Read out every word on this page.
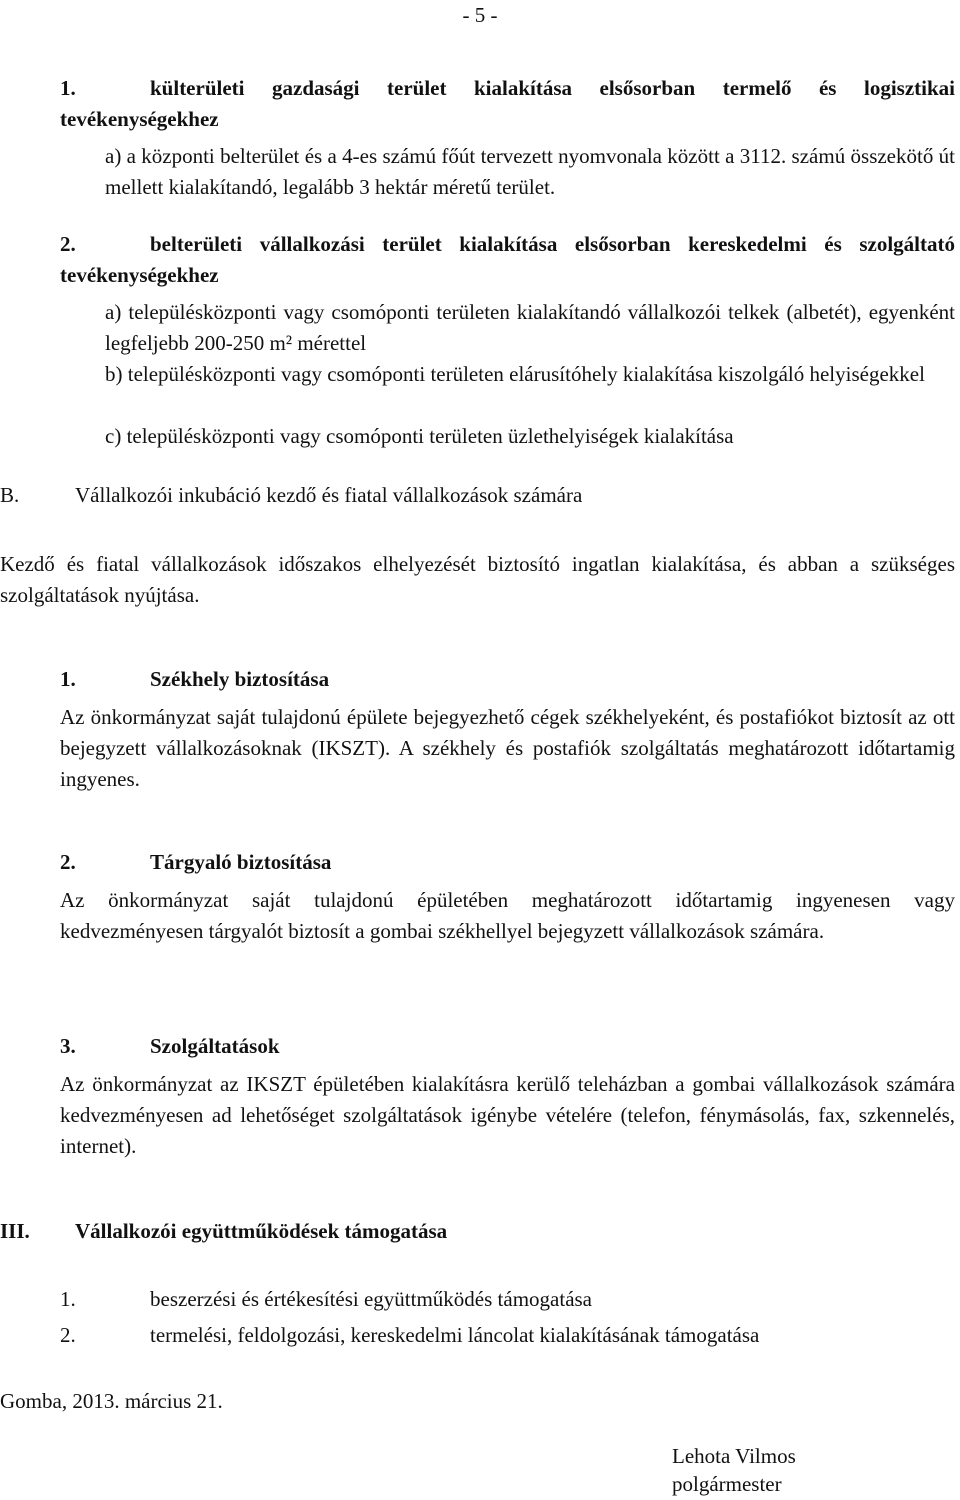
- 5 -
1.	külterületi gazdasági terület kialakítása elsősorban termelő és logisztikai tevékenységekhez
a) a központi belterület és a 4-es számú főút tervezett nyomvonala között a 3112. számú összekötő út mellett kialakítandó, legalább 3 hektár méretű terület.
2.	belterületi vállalkozási terület kialakítása elsősorban kereskedelmi és szolgáltató tevékenységekhez
a) településközponti vagy csomóponti területen kialakítandó vállalkozói telkek (albetét), egyenként legfeljebb 200-250 m² mérettel
b) településközponti vagy csomóponti területen elárusítóhely kialakítása kiszolgáló helyiségekkel
c) településközponti vagy csomóponti területen üzlethelyiségek kialakítása
B.	Vállalkozói inkubáció kezdő és fiatal vállalkozások számára
Kezdő és fiatal vállalkozások időszakos elhelyezését biztosító ingatlan kialakítása, és abban a szükséges szolgáltatások nyújtása.
1.	Székhely biztosítása
Az önkormányzat saját tulajdonú épülete bejegyezhető cégek székhelyeként, és postafiókot biztosít az ott bejegyzett vállalkozásoknak (IKSZT). A székhely és postafiók szolgáltatás meghatározott időtartamig ingyenes.
2.	Tárgyaló biztosítása
Az önkormányzat saját tulajdonú épületében meghatározott időtartamig ingyenesen vagy kedvezményesen tárgyalót biztosít a gombai székhellyel bejegyzett vállalkozások számára.
3.	Szolgáltatások
Az önkormányzat az IKSZT épületében kialakításra kerülő teleházban a gombai vállalkozások számára kedvezményesen ad lehetőséget szolgáltatások igénybe vételére (telefon, fénymásolás, fax, szkennelés, internet).
III. Vállalkozói együttműködések támogatása
1.	beszerzési és értékesítési együttműködés támogatása
2.	termelési, feldolgozási, kereskedelmi láncolat kialakításának támogatása
Gomba, 2013. március 21.
Lehota Vilmos
polgármester
